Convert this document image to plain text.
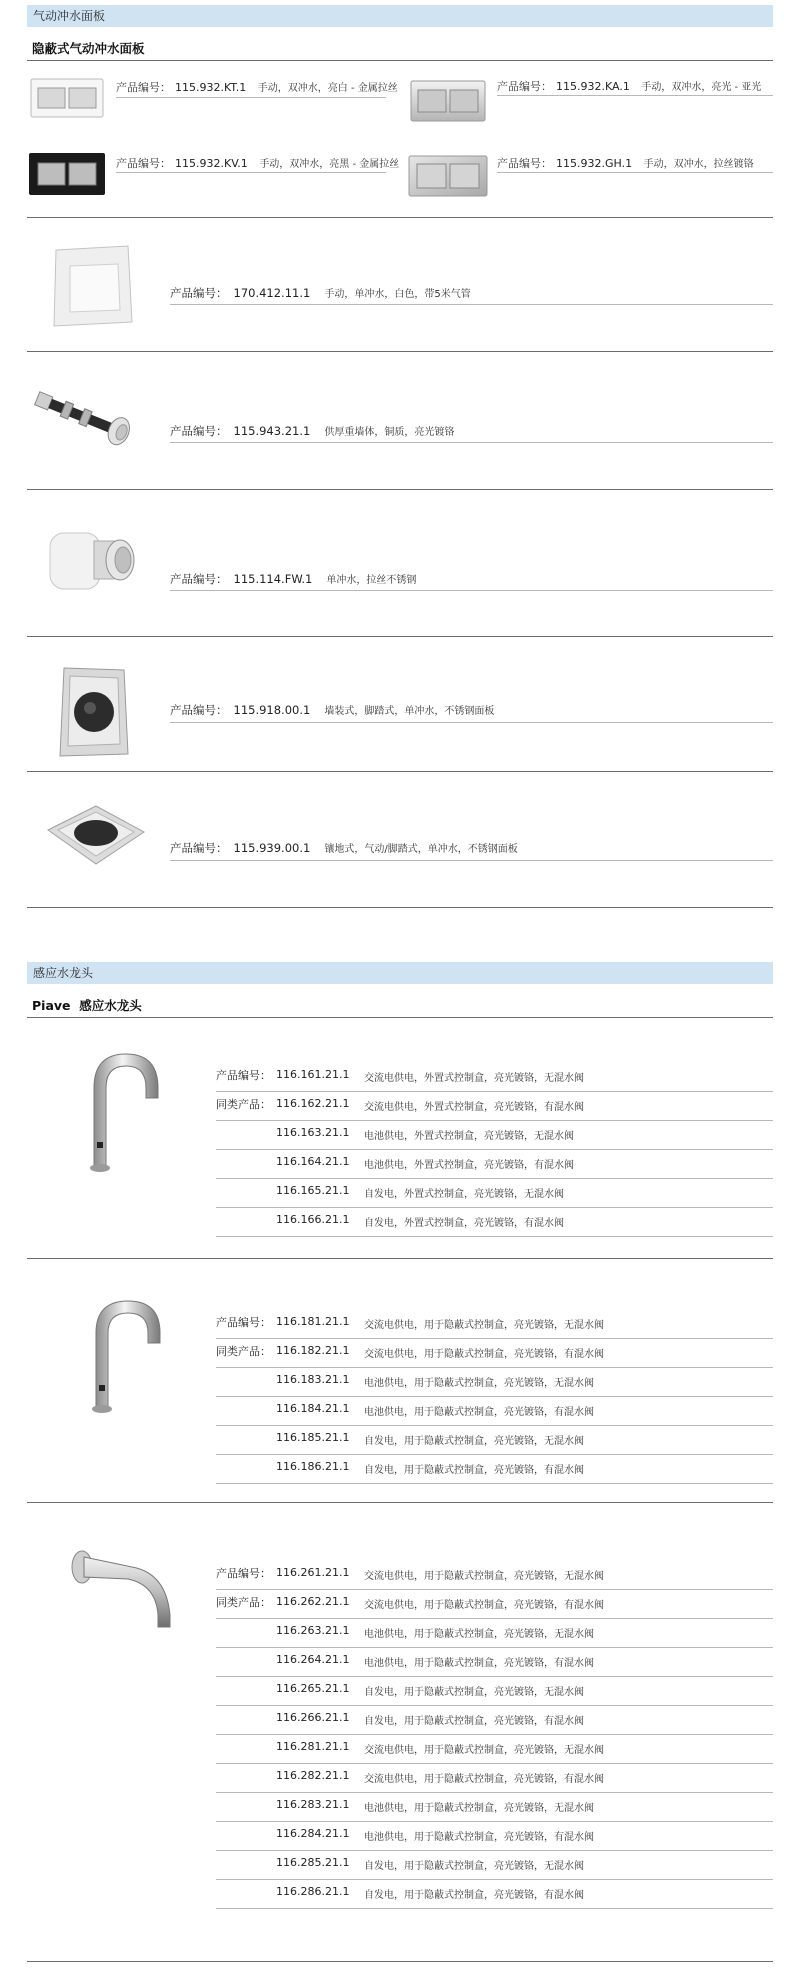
气动冲水面板
隐蔽式气动冲水面板
产品编号： 115.932.KT.1 手动，双冲水，亮白 - 金属拉丝	产品编号： 115.932.KA.1 手动，双冲水，亮光 - 亚光
产品编号： 115.932.KV.1 手动，双冲水，亮黑 - 金属拉丝	产品编号： 115.932.GH.1 手动，双冲水，拉丝镀铬
产品编号： 170.412.11.1 手动，单冲水，白色，带5米气管
产品编号： 115.943.21.1 供厚重墙体，铜质，亮光镀铬
产品编号： 115.114.FW.1 单冲水，拉丝不锈钢
产品编号： 115.918.00.1 墙装式，脚踏式，单冲水，不锈钢面板
产品编号： 115.939.00.1 镶地式，气动/脚踏式，单冲水，不锈钢面板
感应水龙头
Piave 感应水龙头
产品编号： 116.161.21.1 交流电供电，外置式控制盒，亮光镀铬，无混水阀
同类产品： 116.162.21.1 交流电供电，外置式控制盒，亮光镀铬，有混水阀
116.163.21.1 电池供电，外置式控制盒，亮光镀铬，无混水阀
116.164.21.1 电池供电，外置式控制盒，亮光镀铬，有混水阀
116.165.21.1 自发电，外置式控制盒，亮光镀铬，无混水阀
116.166.21.1 自发电，外置式控制盒，亮光镀铬，有混水阀
产品编号： 116.181.21.1 交流电供电，用于隐蔽式控制盒，亮光镀铬，无混水阀
同类产品： 116.182.21.1 交流电供电，用于隐蔽式控制盒，亮光镀铬，有混水阀
116.183.21.1 电池供电，用于隐蔽式控制盒，亮光镀铬，无混水阀
116.184.21.1 电池供电，用于隐蔽式控制盒，亮光镀铬，有混水阀
116.185.21.1 自发电，用于隐蔽式控制盒，亮光镀铬，无混水阀
116.186.21.1 自发电，用于隐蔽式控制盒，亮光镀铬，有混水阀
产品编号： 116.261.21.1 交流电供电，用于隐蔽式控制盒，亮光镀铬，无混水阀
同类产品： 116.262.21.1 交流电供电，用于隐蔽式控制盒，亮光镀铬，有混水阀
116.263.21.1 电池供电，用于隐蔽式控制盒，亮光镀铬，无混水阀
116.264.21.1 电池供电，用于隐蔽式控制盒，亮光镀铬，有混水阀
116.265.21.1 自发电，用于隐蔽式控制盒，亮光镀铬，无混水阀
116.266.21.1 自发电，用于隐蔽式控制盒，亮光镀铬，有混水阀
116.281.21.1 交流电供电，用于隐蔽式控制盒，亮光镀铬，无混水阀
116.282.21.1 交流电供电，用于隐蔽式控制盒，亮光镀铬，有混水阀
116.283.21.1 电池供电，用于隐蔽式控制盒，亮光镀铬，无混水阀
116.284.21.1 电池供电，用于隐蔽式控制盒，亮光镀铬，有混水阀
116.285.21.1 自发电，用于隐蔽式控制盒，亮光镀铬，无混水阀
116.286.21.1 自发电，用于隐蔽式控制盒，亮光镀铬，有混水阀
